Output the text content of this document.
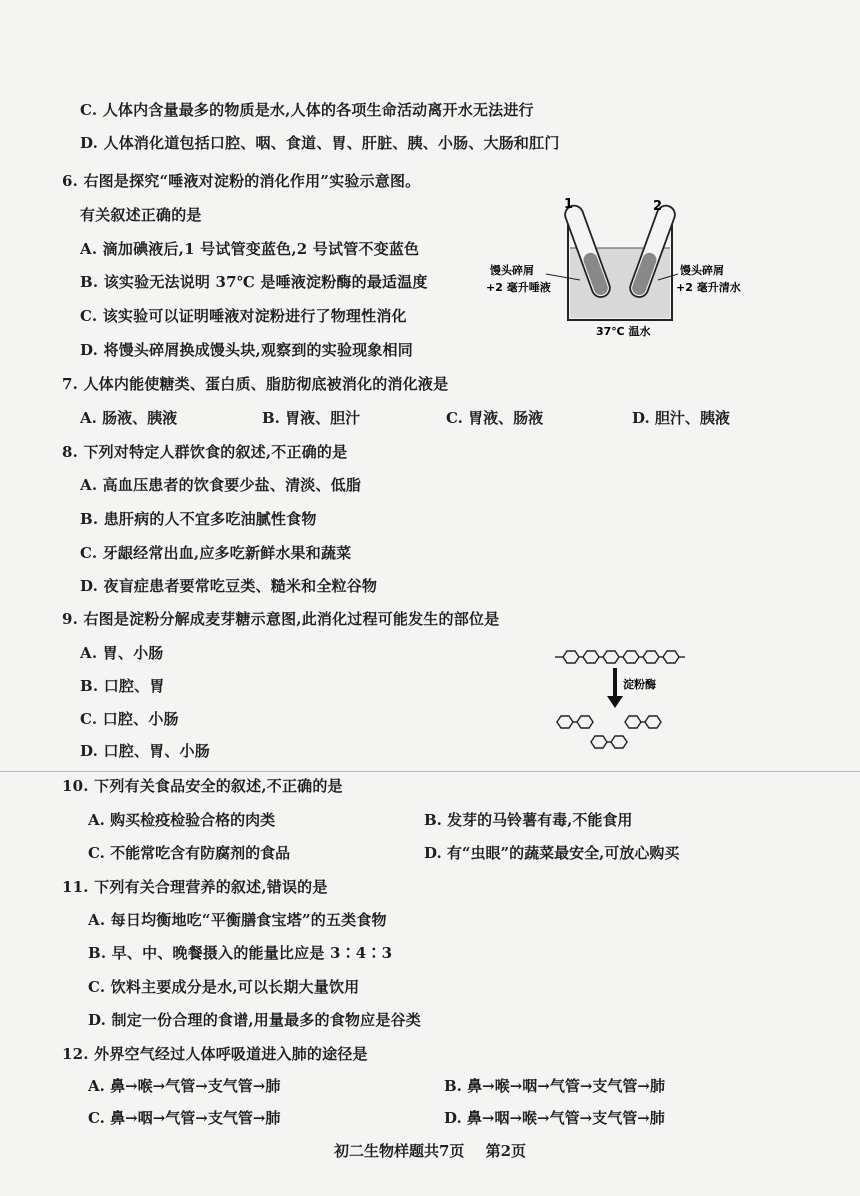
C. 人体内含量最多的物质是水,人体的各项生命活动离开水无法进行
D. 人体消化道包括口腔、咽、食道、胃、肝脏、胰、小肠、大肠和肛门
6. 右图是探究“唾液对淀粉的消化作用”实验示意图。
有关叙述正确的是
A. 滴加碘液后,1 号试管变蓝色,2 号试管不变蓝色
B. 该实验无法说明 37℃ 是唾液淀粉酶的最适温度
C. 该实验可以证明唾液对淀粉进行了物理性消化
D. 将馒头碎屑换成馒头块,观察到的实验现象相同
1	2
馒头碎屑
+2 毫升唾液
馒头碎屑
+2 毫升清水
37℃ 温水
7. 人体内能使糖类、蛋白质、脂肪彻底被消化的消化液是
A. 肠液、胰液	B. 胃液、胆汁	C. 胃液、肠液	D. 胆汁、胰液
8. 下列对特定人群饮食的叙述,不正确的是
A. 高血压患者的饮食要少盐、清淡、低脂
B. 患肝病的人不宜多吃油腻性食物
C. 牙龈经常出血,应多吃新鲜水果和蔬菜
D. 夜盲症患者要常吃豆类、糙米和全粒谷物
9. 右图是淀粉分解成麦芽糖示意图,此消化过程可能发生的部位是
A. 胃、小肠
B. 口腔、胃
C. 口腔、小肠
D. 口腔、胃、小肠
淀粉酶
10. 下列有关食品安全的叙述,不正确的是
A. 购买检疫检验合格的肉类	B. 发芽的马铃薯有毒,不能食用
C. 不能常吃含有防腐剂的食品	D. 有“虫眼”的蔬菜最安全,可放心购买
11. 下列有关合理营养的叙述,错误的是
A. 每日均衡地吃“平衡膳食宝塔”的五类食物
B. 早、中、晚餐摄入的能量比应是 3∶4∶3
C. 饮料主要成分是水,可以长期大量饮用
D. 制定一份合理的食谱,用量最多的食物应是谷类
12. 外界空气经过人体呼吸道进入肺的途径是
A. 鼻→喉→气管→支气管→肺	B. 鼻→喉→咽→气管→支气管→肺
C. 鼻→咽→气管→支气管→肺	D. 鼻→咽→喉→气管→支气管→肺
初二生物样题共7页 第2页
